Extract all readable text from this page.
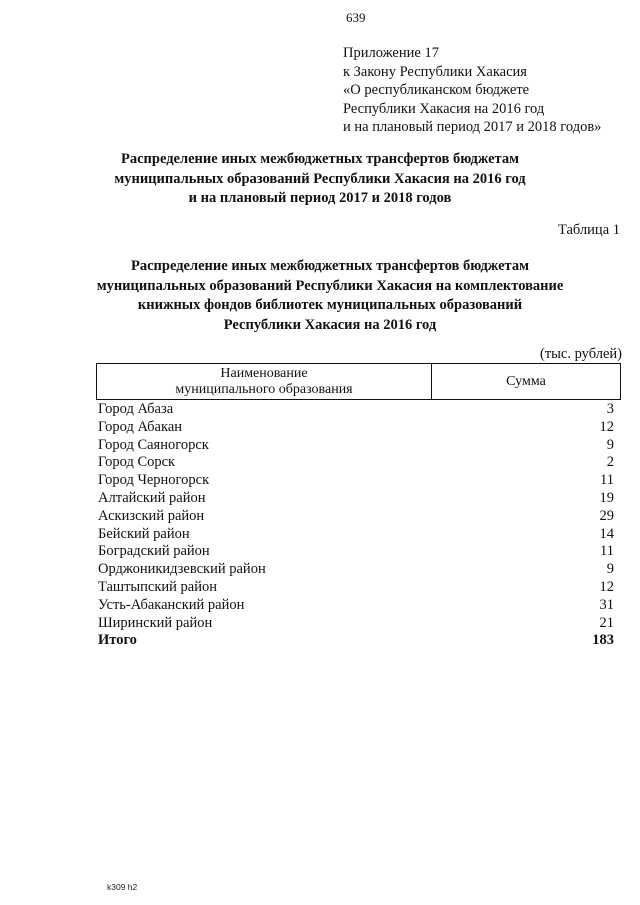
639
Приложение 17
к Закону Республики Хакасия
«О республиканском бюджете
Республики Хакасия на 2016 год
и на плановый период 2017 и 2018 годов»
Распределение иных межбюджетных трансфертов бюджетам
муниципальных образований Республики Хакасия на 2016 год
и на плановый период 2017 и 2018 годов
Таблица 1
Распределение иных межбюджетных трансфертов бюджетам
муниципальных образований Республики Хакасия на комплектование
книжных фондов библиотек муниципальных образований
Республики Хакасия на 2016 год
(тыс. рублей)
Наименование
муниципального образования
Сумма
Город Абаза	3
Город Абакан	12
Город Саяногорск	9
Город Сорск	2
Город Черногорск	11
Алтайский район	19
Аскизский район	29
Бейский район	14
Боградский район	11
Орджоникидзевский район	9
Таштыпский район	12
Усть-Абаканский район	31
Ширинский район	21
Итого	183
k309 h2
